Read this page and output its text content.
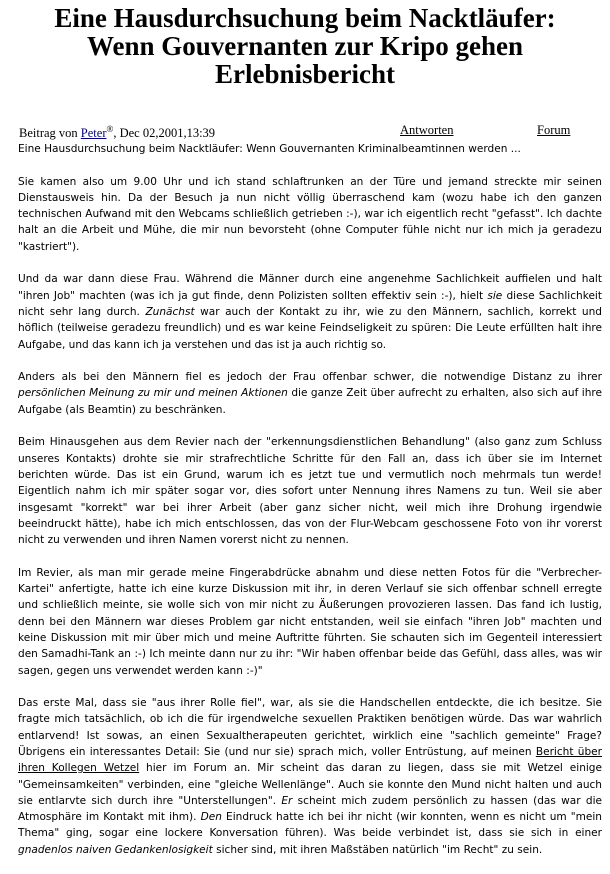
Eine Hausdurchsuchung beim Nacktläufer:
Wenn Gouvernanten zur Kripo gehen
Erlebnisbericht
Beitrag von Peter®, Dec 02,2001,13:39	Antworten	Forum

Eine Hausdurchsuchung beim Nacktläufer: Wenn Gouvernanten Kriminalbeamtinnen werden ...

Sie kamen also um 9.00 Uhr und ich stand schlaftrunken an der Türe und jemand streckte mir seinen Dienstausweis hin. Da der Besuch ja nun nicht völlig überraschend kam (wozu habe ich den ganzen technischen Aufwand mit den Webcams schließlich getrieben :-), war ich eigentlich recht "gefasst". Ich dachte halt an die Arbeit und Mühe, die mir nun bevorsteht (ohne Computer fühle nicht nur ich mich ja geradezu "kastriert").

Und da war dann diese Frau. Während die Männer durch eine angenehme Sachlichkeit auffielen und halt "ihren Job" machten (was ich ja gut finde, denn Polizisten sollten effektiv sein :-), hielt sie diese Sachlichkeit nicht sehr lang durch. Zunächst war auch der Kontakt zu ihr, wie zu den Männern, sachlich, korrekt und höflich (teilweise geradezu freundlich) und es war keine Feindseligkeit zu spüren: Die Leute erfüllten halt ihre Aufgabe, und das kann ich ja verstehen und das ist ja auch richtig so.

Anders als bei den Männern fiel es jedoch der Frau offenbar schwer, die notwendige Distanz zu ihrer persönlichen Meinung zu mir und meinen Aktionen die ganze Zeit über aufrecht zu erhalten, also sich auf ihre Aufgabe (als Beamtin) zu beschränken.

Beim Hinausgehen aus dem Revier nach der "erkennungsdienstlichen Behandlung" (also ganz zum Schluss unseres Kontakts) drohte sie mir strafrechtliche Schritte für den Fall an, dass ich über sie im Internet berichten würde. Das ist ein Grund, warum ich es jetzt tue und vermutlich noch mehrmals tun werde! Eigentlich nahm ich mir später sogar vor, dies sofort unter Nennung ihres Namens zu tun. Weil sie aber insgesamt "korrekt" war bei ihrer Arbeit (aber ganz sicher nicht, weil mich ihre Drohung irgendwie beeindruckt hätte), habe ich mich entschlossen, das von der Flur-Webcam geschossene Foto von ihr vorerst nicht zu verwenden und ihren Namen vorerst nicht zu nennen.

Im Revier, als man mir gerade meine Fingerabdrücke abnahm und diese netten Fotos für die "Verbrecher-Kartei" anfertigte, hatte ich eine kurze Diskussion mit ihr, in deren Verlauf sie sich offenbar schnell erregte und schließlich meinte, sie wolle sich von mir nicht zu Äußerungen provozieren lassen. Das fand ich lustig, denn bei den Männern war dieses Problem gar nicht entstanden, weil sie einfach "ihren Job" machten und keine Diskussion mit mir über mich und meine Auftritte führten. Sie schauten sich im Gegenteil interessiert den Samadhi-Tank an :-) Ich meinte dann nur zu ihr: "Wir haben offenbar beide das Gefühl, dass alles, was wir sagen, gegen uns verwendet werden kann :-)"

Das erste Mal, dass sie "aus ihrer Rolle fiel", war, als sie die Handschellen entdeckte, die ich besitze. Sie fragte mich tatsächlich, ob ich die für irgendwelche sexuellen Praktiken benötigen würde. Das war wahrlich entlarvend! Ist sowas, an einen Sexualtherapeuten gerichtet, wirklich eine "sachlich gemeinte" Frage? Übrigens ein interessantes Detail: Sie (und nur sie) sprach mich, voller Entrüstung, auf meinen Bericht über ihren Kollegen Wetzel hier im Forum an. Mir scheint das daran zu liegen, dass sie mit Wetzel einige "Gemeinsamkeiten" verbinden, eine "gleiche Wellenlänge". Auch sie konnte den Mund nicht halten und auch sie entlarvte sich durch ihre "Unterstellungen". Er scheint mich zudem persönlich zu hassen (das war die Atmosphäre im Kontakt mit ihm). Den Eindruck hatte ich bei ihr nicht (wir konnten, wenn es nicht um "mein Thema" ging, sogar eine lockere Konversation führen). Was beide verbindet ist, dass sie sich in einer gnadenlos naiven Gedankenlosigkeit sicher sind, mit ihren Maßstäben natürlich "im Recht" zu sein.
